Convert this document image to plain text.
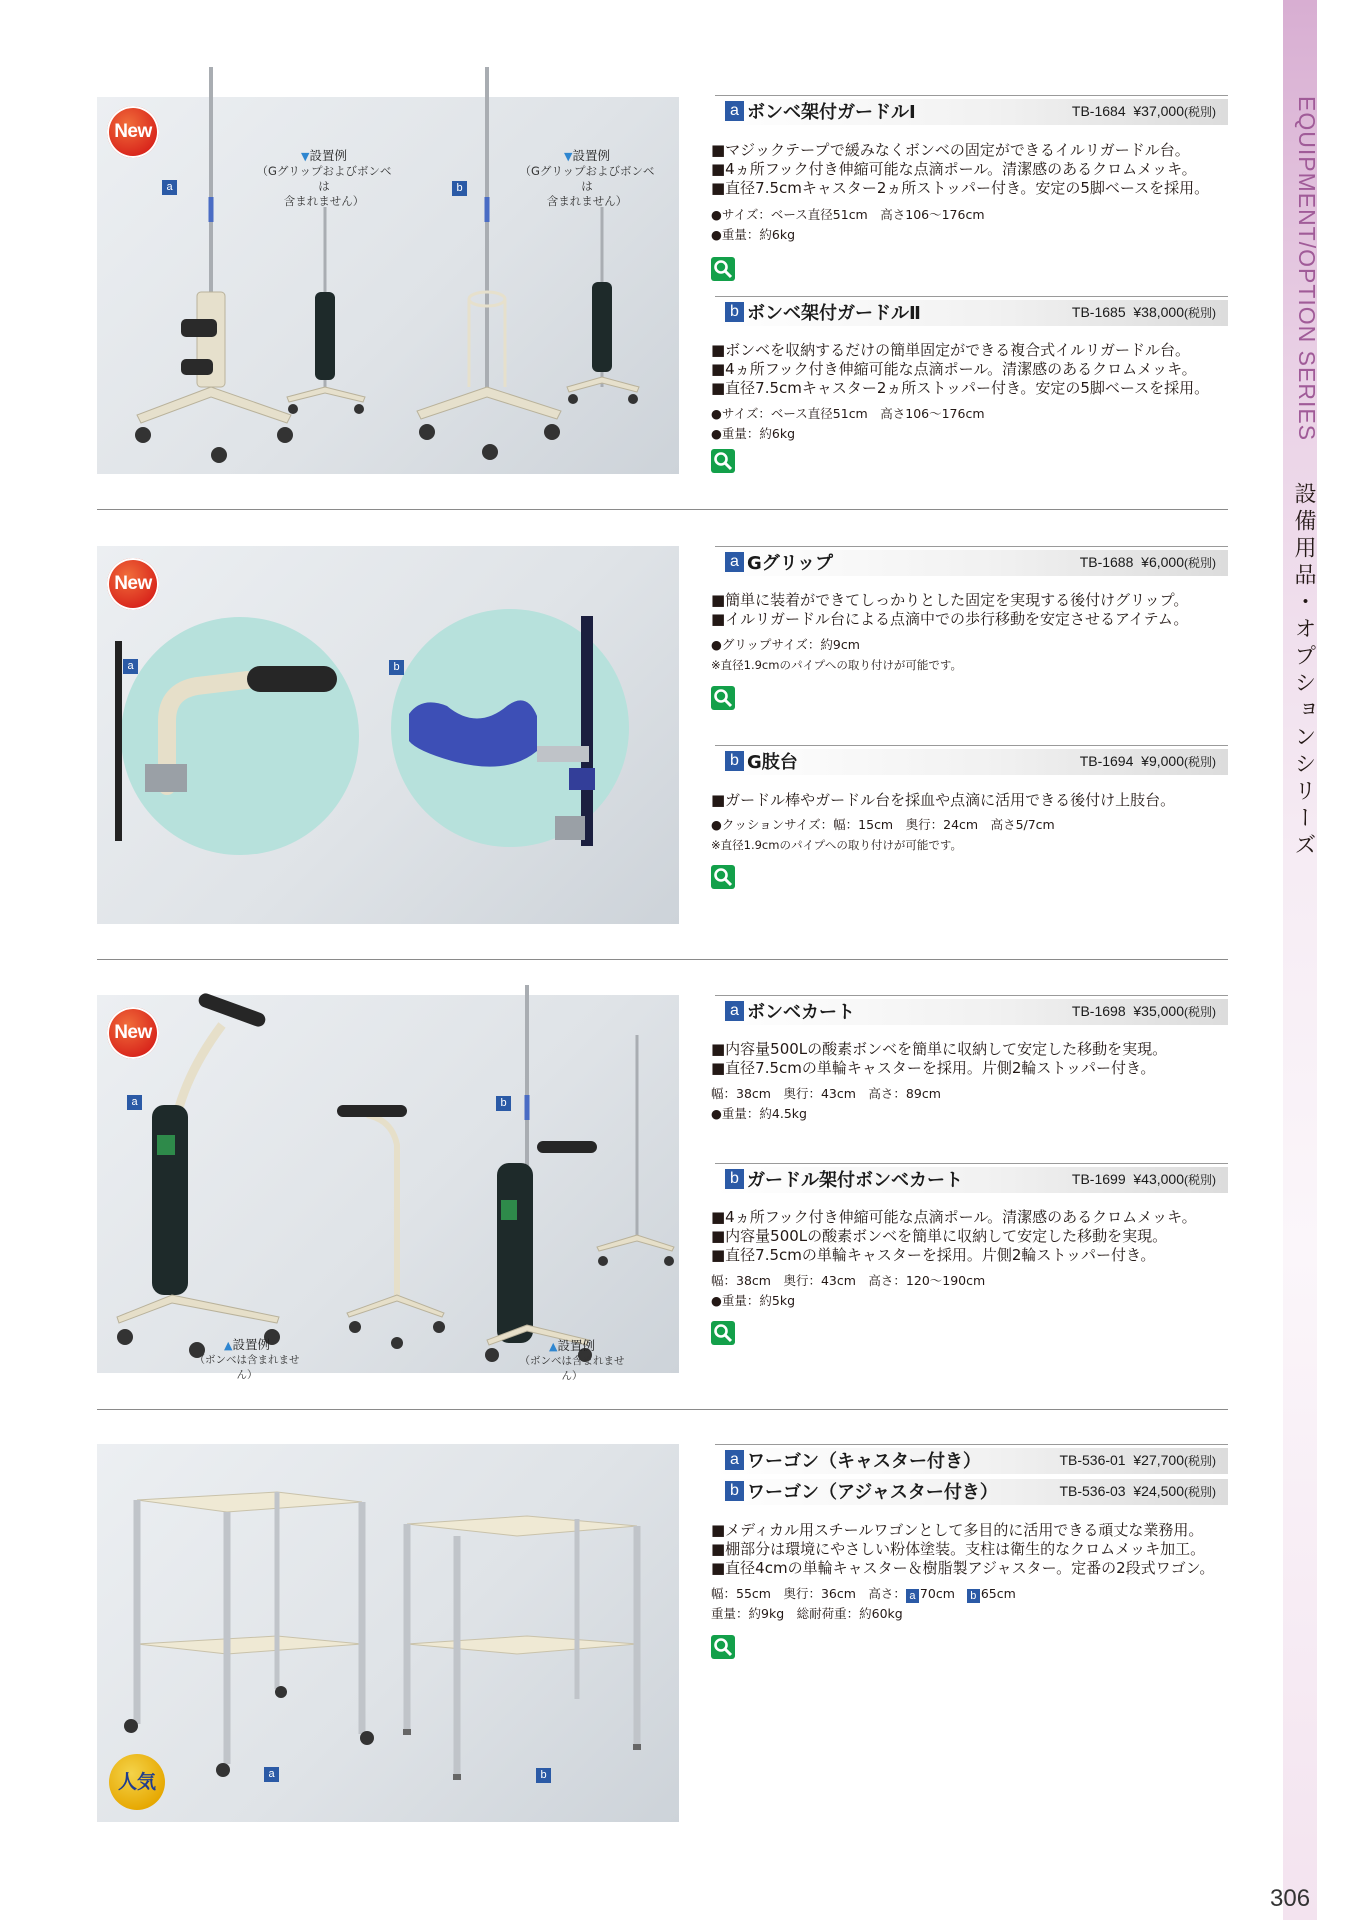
EQUIPMENT/OPTION SERIES
設備用品・オプションシリーズ
New
a	b
▼設置例
（Gグリップおよびボンベは
含まれません）
▼設置例
（Gグリップおよびボンベは
含まれません）
a ボンベ架付ガードルⅠ	TB-1684 ¥37,000(税別)
■マジックテープで緩みなくボンベの固定ができるイルリガードル台。
■4ヵ所フック付き伸縮可能な点滴ポール。清潔感のあるクロムメッキ。
■直径7.5cmキャスター2ヵ所ストッパー付き。安定の5脚ベースを採用。
●サイズ：ベース直径51cm　高さ106〜176cm
●重量：約6kg
b ボンベ架付ガードルⅡ	TB-1685 ¥38,000(税別)
■ボンベを収納するだけの簡単固定ができる複合式イルリガードル台。
■4ヵ所フック付き伸縮可能な点滴ポール。清潔感のあるクロムメッキ。
■直径7.5cmキャスター2ヵ所ストッパー付き。安定の5脚ベースを採用。
●サイズ：ベース直径51cm　高さ106〜176cm
●重量：約6kg
New
a	b
a Gグリップ	TB-1688 ¥6,000(税別)
■簡単に装着ができてしっかりとした固定を実現する後付けグリップ。
■イルリガードル台による点滴中での歩行移動を安定させるアイテム。
●グリップサイズ：約9cm
※直径1.9cmのパイプへの取り付けが可能です。
b G肢台	TB-1694 ¥9,000(税別)
■ガードル棒やガードル台を採血や点滴に活用できる後付け上肢台。
●クッションサイズ：幅：15cm　奥行：24cm　高さ5/7cm
※直径1.9cmのパイプへの取り付けが可能です。
New
a	b
▲設置例
（ボンベは含まれません）
▲設置例
（ボンベは含まれません）
a ボンベカート	TB-1698 ¥35,000(税別)
■内容量500Lの酸素ボンベを簡単に収納して安定した移動を実現。
■直径7.5cmの単輪キャスターを採用。片側2輪ストッパー付き。
幅：38cm　奥行：43cm　高さ：89cm
●重量：約4.5kg
b ガードル架付ボンベカート	TB-1699 ¥43,000(税別)
■4ヵ所フック付き伸縮可能な点滴ポール。清潔感のあるクロムメッキ。
■内容量500Lの酸素ボンベを簡単に収納して安定した移動を実現。
■直径7.5cmの単輪キャスターを採用。片側2輪ストッパー付き。
幅：38cm　奥行：43cm　高さ：120〜190cm
●重量：約5kg
人気	a	b
a ワーゴン（キャスター付き）	TB-536-01 ¥27,700(税別)
b ワーゴン（アジャスター付き）	TB-536-03 ¥24,500(税別)
■メディカル用スチールワゴンとして多目的に活用できる頑丈な業務用。
■棚部分は環境にやさしい粉体塗装。支柱は衛生的なクロムメッキ加工。
■直径4cmの単輪キャスター＆樹脂製アジャスター。定番の2段式ワゴン。
幅：55cm　奥行：36cm　高さ： a 70cm b 65cm
重量：約9kg　総耐荷重：約60kg
306
